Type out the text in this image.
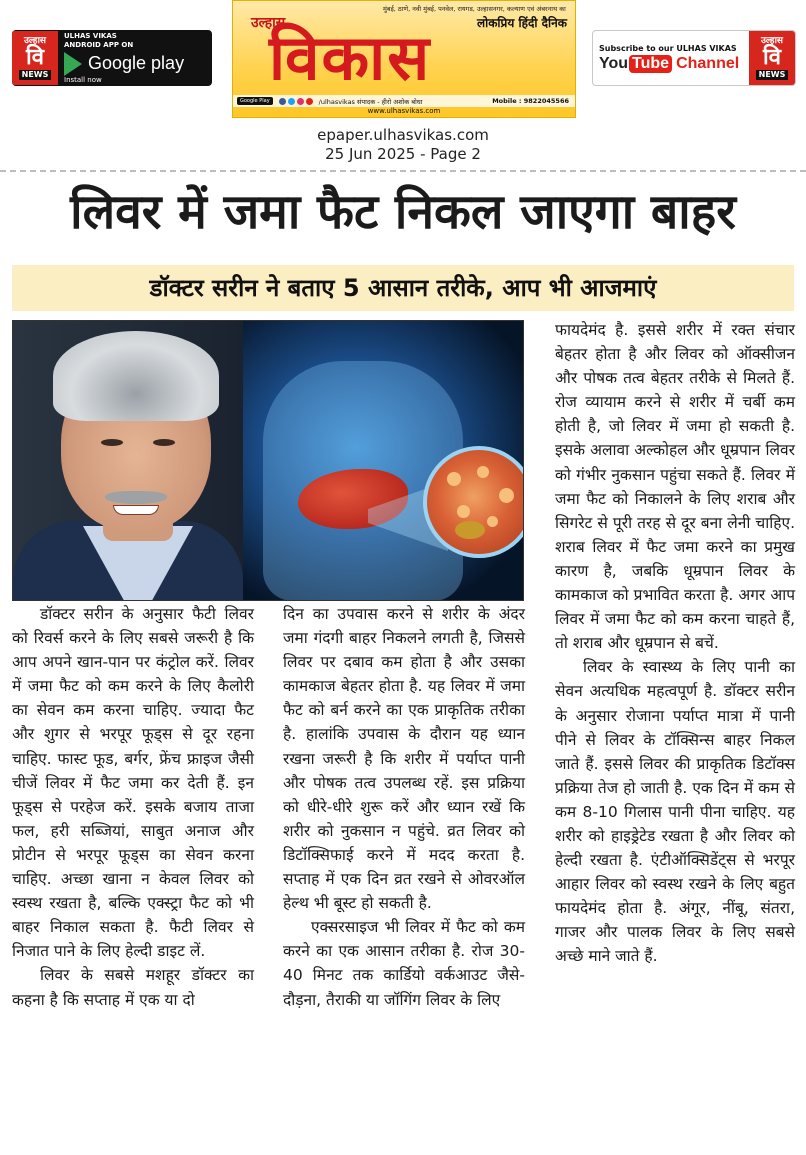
उल्हास
वि
NEWS
ULHAS VIKAS
ANDROID APP ON
Google play
Install now
मुंबई, ठाणे, नवी मुंबई, पनवेल, रायगड, उल्हासनगर, कल्याण एवं अंबरनाथ का
उल्हास	लोकप्रिय हिंदी दैनिक
विकास
Google Play	/ulhasvikas संपादक - हीरो अशोक बोधा	Mobile : 9822045566
www.ulhasvikas.com
Subscribe to our ULHAS VIKAS
You Tube Channel
उल्हास
वि
NEWS
epaper.ulhasvikas.com
25 Jun 2025 - Page 2
लिवर में जमा फैट निकल जाएगा बाहर
डॉक्टर सरीन ने बताए 5 आसान तरीके, आप भी आजमाएं

डॉक्टर सरीन के अनुसार फैटी लिवर को रिवर्स करने के लिए सबसे जरूरी है कि आप अपने खान-पान पर कंट्रोल करें. लिवर में जमा फैट को कम करने के लिए कैलोरी का सेवन कम करना चाहिए. ज्यादा फैट और शुगर से भरपूर फूड्स से दूर रहना चाहिए. फास्ट फूड, बर्गर, फ्रेंच फ्राइज जैसी चीजें लिवर में फैट जमा कर देती हैं. इन फूड्स से परहेज करें. इसके बजाय ताजा फल, हरी सब्जियां, साबुत अनाज और प्रोटीन से भरपूर फूड्स का सेवन करना चाहिए. अच्छा खाना न केवल लिवर को स्वस्थ रखता है, बल्कि एक्स्ट्रा फैट को भी बाहर निकाल सकता है. फैटी लिवर से निजात पाने के लिए हेल्दी डाइट लें.

लिवर के सबसे मशहूर डॉक्टर का कहना है कि सप्ताह में एक या दो

दिन का उपवास करने से शरीर के अंदर जमा गंदगी बाहर निकलने लगती है, जिससे लिवर पर दबाव कम होता है और उसका कामकाज बेहतर होता है. यह लिवर में जमा फैट को बर्न करने का एक प्राकृतिक तरीका है. हालांकि उपवास के दौरान यह ध्यान रखना जरूरी है कि शरीर में पर्याप्त पानी और पोषक तत्व उपलब्ध रहें. इस प्रक्रिया को धीरे-धीरे शुरू करें और ध्यान रखें कि शरीर को नुकसान न पहुंचे. व्रत लिवर को डिटॉक्सिफाई करने में मदद करता है. सप्ताह में एक दिन व्रत रखने से ओवरऑल हेल्थ भी बूस्ट हो सकती है.

एक्सरसाइज भी लिवर में फैट को कम करने का एक आसान तरीका है. रोज 30-40 मिनट तक कार्डियो वर्कआउट जैसे- दौड़ना, तैराकी या जॉगिंग लिवर के लिए

फायदेमंद है. इससे शरीर में रक्त संचार बेहतर होता है और लिवर को ऑक्सीजन और पोषक तत्व बेहतर तरीके से मिलते हैं. रोज व्यायाम करने से शरीर में चर्बी कम होती है, जो लिवर में जमा हो सकती है. इसके अलावा अल्कोहल और धूम्रपान लिवर को गंभीर नुकसान पहुंचा सकते हैं. लिवर में जमा फैट को निकालने के लिए शराब और सिगरेट से पूरी तरह से दूर बना लेनी चाहिए. शराब लिवर में फैट जमा करने का प्रमुख कारण है, जबकि धूम्रपान लिवर के कामकाज को प्रभावित करता है. अगर आप लिवर में जमा फैट को कम करना चाहते हैं, तो शराब और धूम्रपान से बचें.

लिवर के स्वास्थ्य के लिए पानी का सेवन अत्यधिक महत्वपूर्ण है. डॉक्टर सरीन के अनुसार रोजाना पर्याप्त मात्रा में पानी पीने से लिवर के टॉक्सिन्स बाहर निकल जाते हैं. इससे लिवर की प्राकृतिक डिटॉक्स प्रक्रिया तेज हो जाती है. एक दिन में कम से कम 8-10 गिलास पानी पीना चाहिए. यह शरीर को हाइड्रेटेड रखता है और लिवर को हेल्दी रखता है. एंटीऑक्सिडेंट्स से भरपूर आहार लिवर को स्वस्थ रखने के लिए बहुत फायदेमंद होता है. अंगूर, नींबू, संतरा, गाजर और पालक लिवर के लिए सबसे अच्छे माने जाते हैं.
